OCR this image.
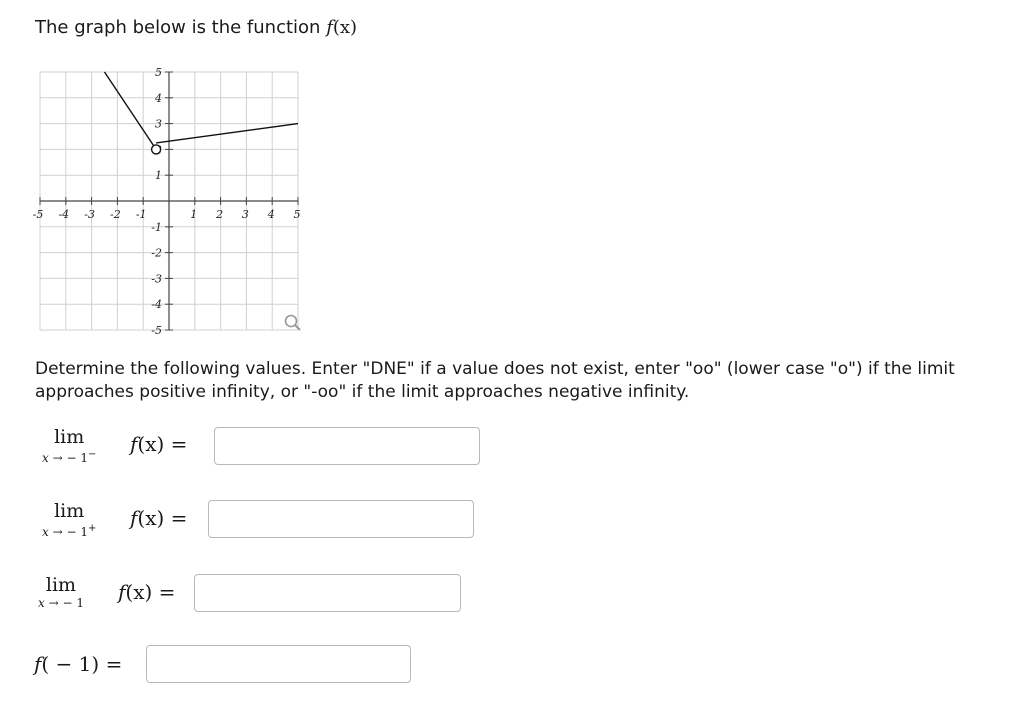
The graph below is the function f(x)
-5 -4 -3 -2 -1	1 2 3 4 5
5
4
3
1
-1
-2
-3
-4
-5
Determine the following values. Enter "DNE" if a value does not exist, enter "oo" (lower case "o") if the limit approaches positive infinity, or "-oo" if the limit approaches negative infinity.
lim
x → − 1− f(x) =
lim
x → − 1+ f(x) =
lim
x → − 1 f(x) =
f( − 1) =
